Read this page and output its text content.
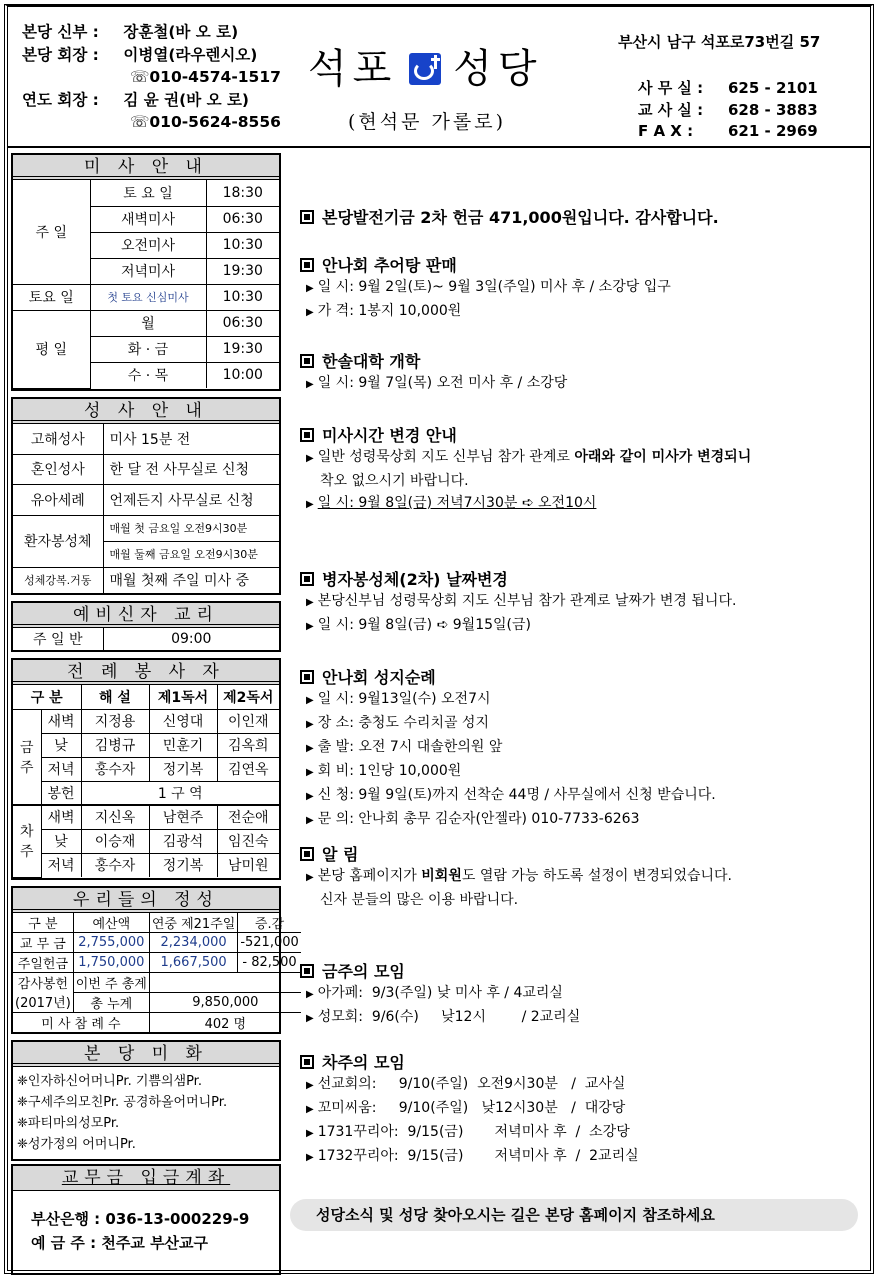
본당 신부 : 장훈철(바 오 로)
본당 회장 : 이병열(라우렌시오)
☏010-4574-1517
연도 회장 : 김 윤 권(바 오 로)
☏010-5624-8556
석포 성당
(현석문 가롤로)
부산시 남구 석포로73번길 57
사 무 실 : 625 - 2101
교 사 실 : 628 - 3883
F A X : 621 - 2969
미 사 안 내
주 일	토 요 일	18:30
	새벽미사	06:30
	오전미사	10:30
	저녁미사	19:30
토요 일	첫 토요 신심미사	10:30
평 일	월	06:30
	화 · 금	19:30
	수 · 목	10:00
성 사 안 내
고해성사	미사 15분 전
혼인성사	한 달 전 사무실로 신청
유아세례	언제든지 사무실로 신청
환자봉성체	매월 첫 금요일 오전9시30분
	매월 둘째 금요일 오전9시30분
성체강복.거동	매월 첫째 주일 미사 중
예비신자 교리
주 일 반	09:00
전 례 봉 사 자
구 분		해 설	제1독서	제2독서
금 주	새벽	지정용	신영대	이인재
	낮	김병규	민훈기	김옥희
	저녁	홍수자	정기복	김연옥
	봉헌	1 구 역		
차 주	새벽	지신옥	남현주	전순애
	낮	이승재	김광석	임진숙
	저녁	홍수자	정기복	남미원
우리들의 정성
구 분	예산액	연중 제21주일	증.감
교 무 금	2,755,000	2,234,000	-521,000
주일헌금	1,750,000	1,667,500	- 82,500
감사봉헌	이번 주 총계		
(2017년)	총 누계	9,850,000	
미 사 참 례 수		402 명	
본 당 미 화
❈인자하신어머니Pr. 기쁨의샘Pr.
❈구세주의모친Pr. 공경하올어머니Pr.
❈파티마의성모Pr.
❈성가정의 어머니Pr.
교무금 입금계좌
부산은행 : 036-13-000229-9
예 금 주 : 천주교 부산교구
본당발전기금 2차 헌금 471,000원입니다. 감사합니다.
안나회 추어탕 판매
▶ 일 시: 9월 2일(토)~ 9월 3일(주일) 미사 후 / 소강당 입구
▶ 가 격: 1봉지 10,000원
한솔대학 개학
▶ 일 시: 9월 7일(목) 오전 미사 후 / 소강당
미사시간 변경 안내
▶ 일반 성령묵상회 지도 신부님 참가 관계로 아래와 같이 미사가 변경되니
착오 없으시기 바랍니다.
▶ 일 시: 9월 8일(금) 저녁7시30분 ➪ 오전10시
병자봉성체(2차) 날짜변경
▶ 본당신부님 성령묵상회 지도 신부님 참가 관계로 날짜가 변경 됩니다.
▶ 일 시: 9월 8일(금) ➪ 9월15일(금)
안나회 성지순례
▶ 일 시: 9월13일(수) 오전7시
▶ 장 소: 충청도 수리치골 성지
▶ 출 발: 오전 7시 대솔한의원 앞
▶ 회 비: 1인당 10,000원
▶ 신 청: 9월 9일(토)까지 선착순 44명 / 사무실에서 신청 받습니다.
▶ 문 의: 안나회 총무 김순자(안젤라) 010-7733-6263
알 림
▶ 본당 홈페이지가 비회원도 열람 가능 하도록 설정이 변경되었습니다.
신자 분들의 많은 이용 바랍니다.
금주의 모임
▶ 아가페:  9/3(주일) 낮 미사 후 / 4교리실
▶ 성모회:  9/6(수)     낮12시        / 2교리실
차주의 모임
▶ 선교회의:     9/10(주일)  오전9시30분   /  교사실
▶ 꼬미씨움:     9/10(주일)   낮12시30분   /  대강당
▶ 1731꾸리아:  9/15(금)       저녁미사 후  /  소강당
▶ 1732꾸리아:  9/15(금)       저녁미사 후  /  2교리실
성당소식 및 성당 찾아오시는 길은 본당 홈페이지 참조하세요
